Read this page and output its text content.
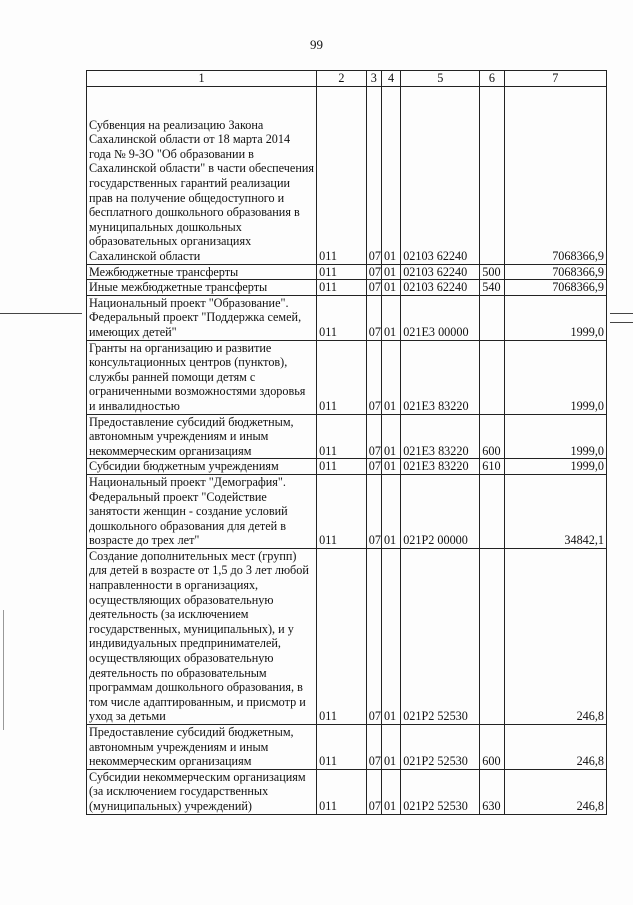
99
1	2	3	4	5	6	7
Субвенция на реализацию Закона Сахалинской области от 18 марта 2014 года № 9-ЗО "Об образовании в Сахалинской области" в части обеспечения государственных гарантий реализации прав на получение общедоступного и бесплатного дошкольного образования в муниципальных дошкольных образовательных организациях Сахалинской области	011	07	01	02103 62240		7068366,9
Межбюджетные трансферты	011	07	01	02103 62240	500	7068366,9
Иные межбюджетные трансферты	011	07	01	02103 62240	540	7068366,9
Национальный проект "Образование". Федеральный проект "Поддержка семей, имеющих детей"	011	07	01	021E3 00000		1999,0
Гранты на организацию и развитие консультационных центров (пунктов), службы ранней помощи детям с ограниченными возможностями здоровья и инвалидностью	011	07	01	021E3 83220		1999,0
Предоставление субсидий бюджетным, автономным учреждениям и иным некоммерческим организациям	011	07	01	021E3 83220	600	1999,0
Субсидии бюджетным учреждениям	011	07	01	021E3 83220	610	1999,0
Национальный проект "Демография". Федеральный проект "Содействие занятости женщин - создание условий дошкольного образования для детей в возрасте до трех лет"	011	07	01	021P2 00000		34842,1
Создание дополнительных мест (групп) для детей в возрасте от 1,5 до 3 лет любой направленности в организациях, осуществляющих образовательную деятельность (за исключением государственных, муниципальных), и у индивидуальных предпринимателей, осуществляющих образовательную деятельность по образовательным программам дошкольного образования, в том числе адаптированным, и присмотр и уход за детьми	011	07	01	021P2 52530		246,8
Предоставление субсидий бюджетным, автономным учреждениям и иным некоммерческим организациям	011	07	01	021P2 52530	600	246,8
Субсидии некоммерческим организациям (за исключением государственных (муниципальных) учреждений)	011	07	01	021P2 52530	630	246,8
